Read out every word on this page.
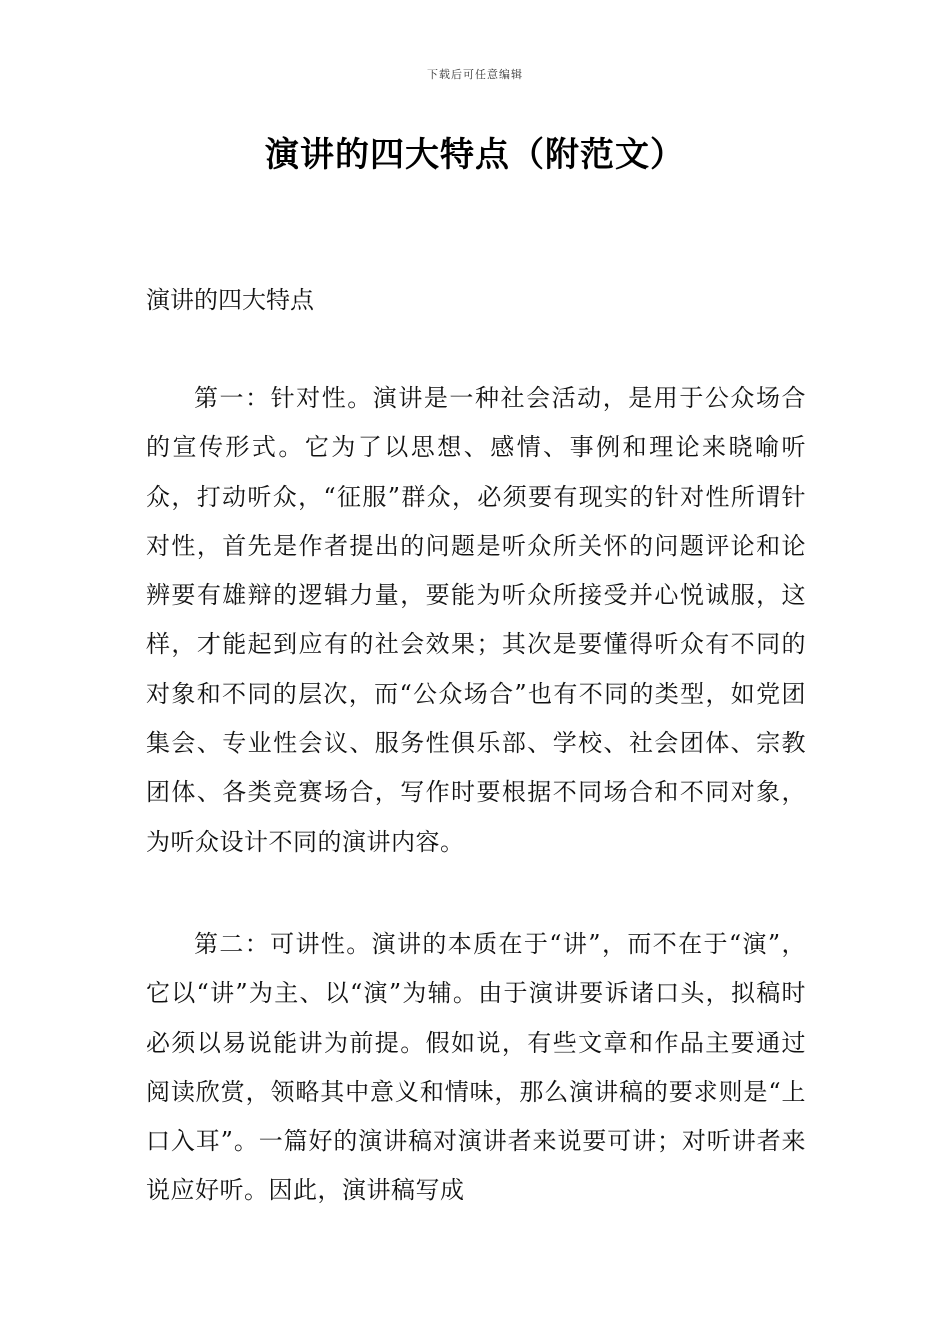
下载后可任意编辑
演讲的四大特点（附范文）

演讲的四大特点

第一：针对性。演讲是一种社会活动，是用于公众场合的宣传形式。它为了以思想、感情、事例和理论来晓喻听众，打动听众，“征服”群众，必须要有现实的针对性所谓针对性，首先是作者提出的问题是听众所关怀的问题评论和论辨要有雄辩的逻辑力量，要能为听众所接受并心悦诚服，这样，才能起到应有的社会效果；其次是要懂得听众有不同的对象和不同的层次，而“公众场合”也有不同的类型，如党团集会、专业性会议、服务性俱乐部、学校、社会团体、宗教团体、各类竞赛场合，写作时要根据不同场合和不同对象，为听众设计不同的演讲内容。

第二：可讲性。演讲的本质在于“讲”，而不在于“演”，它以“讲”为主、以“演”为辅。由于演讲要诉诸口头，拟稿时必须以易说能讲为前提。假如说，有些文章和作品主要通过阅读欣赏，领略其中意义和情味，那么演讲稿的要求则是“上口入耳”。一篇好的演讲稿对演讲者来说要可讲；对听讲者来说应好听。因此，演讲稿写成
